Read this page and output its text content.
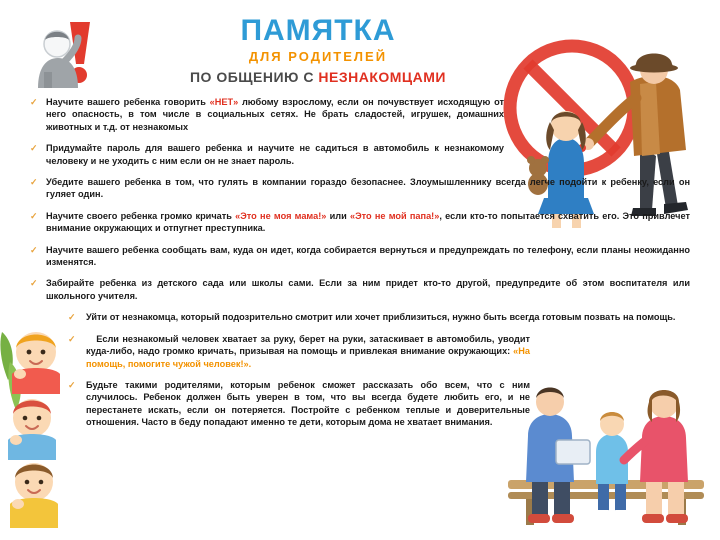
ПАМЯТКА
ДЛЯ РОДИТЕЛЕЙ
ПО ОБЩЕНИЮ С НЕЗНАКОМЦАМИ

✓ Научите вашего ребенка говорить «НЕТ» любому взрослому, если он почувствует исходящую от него опасность, в том числе в социальных сетях. Не брать сладостей, игрушек, домашних животных и т.д. от незнакомых

✓ Придумайте пароль для вашего ребенка и научите не садиться в автомобиль к незнакомому человеку и не уходить с ним если он не знает пароль.

✓ Убедите вашего ребенка в том, что гулять в компании гораздо безопаснее. Злоумышленнику всегда легче подойти к ребенку, если он гуляет один.

✓ Научите своего ребенка громко кричать «Это не моя мама!» или «Это не мой папа!», если кто-то попытается схватить его. Это привлечет внимание окружающих и отпугнет преступника.

✓ Научите вашего ребенка сообщать вам, куда он идет, когда собирается вернуться и предупреждать по телефону, если планы неожиданно изменятся.

✓ Забирайте ребенка из детского сада или школы сами. Если за ним придет кто-то другой, предупредите об этом воспитателя или школьного учителя.

✓ Уйти от незнакомца, который подозрительно смотрит или хочет приблизиться, нужно быть всегда готовым позвать на помощь.

✓ Если незнакомый человек хватает за руку, берет на руки, затаскивает в автомобиль, уводит куда-либо, надо громко кричать, призывая на помощь и привлекая внимание окружающих: «На помощь, помогите чужой человек!».

✓ Будьте такими родителями, которым ребенок сможет рассказать обо всем, что с ним случилось. Ребенок должен быть уверен в том, что вы всегда будете любить его, и не перестанете искать, если он потеряется. Постройте с ребенком теплые и доверительные отношения. Часто в беду попадают именно те дети, которым дома не хватает внимания.
